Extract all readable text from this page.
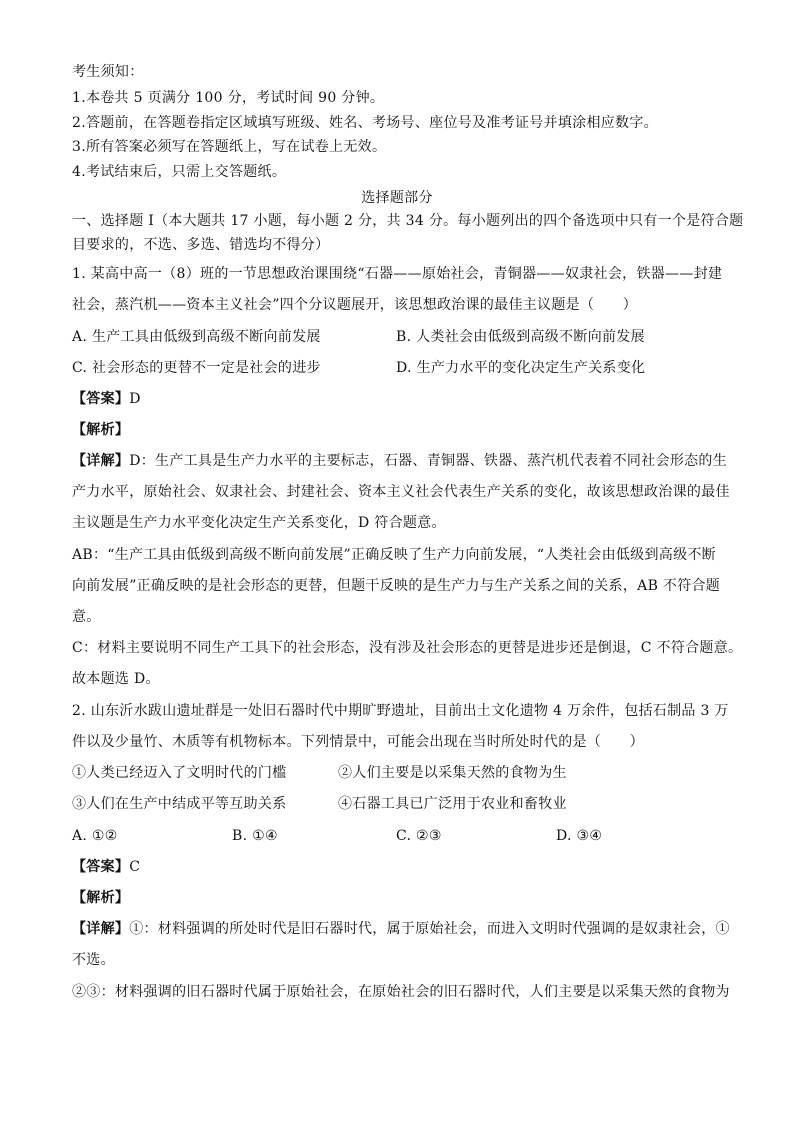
考生须知：
1.本卷共 5 页满分 100 分，考试时间 90 分钟。
2.答题前，在答题卷指定区域填写班级、姓名、考场号、座位号及准考证号并填涂相应数字。
3.所有答案必须写在答题纸上，写在试卷上无效。
4.考试结束后，只需上交答题纸。
选择题部分
一、选择题 I（本大题共 17 小题，每小题 2 分，共 34 分。每小题列出的四个备选项中只有一个是符合题
目要求的，不选、多选、错选均不得分）
1. 某高中高一（8）班的一节思想政治课围绕“石器——原始社会，青铜器——奴隶社会，铁器——封建
社会，蒸汽机——资本主义社会”四个分议题展开，该思想政治课的最佳主议题是（      ）
A. 生产工具由低级到高级不断向前发展	B. 人类社会由低级到高级不断向前发展
C. 社会形态的更替不一定是社会的进步	D. 生产力水平的变化决定生产关系变化
【答案】D
【解析】
【详解】D：生产工具是生产力水平的主要标志，石器、青铜器、铁器、蒸汽机代表着不同社会形态的生
产力水平，原始社会、奴隶社会、封建社会、资本主义社会代表生产关系的变化，故该思想政治课的最佳
主议题是生产力水平变化决定生产关系变化，D 符合题意。
AB：“生产工具由低级到高级不断向前发展”正确反映了生产力向前发展，“人类社会由低级到高级不断
向前发展”正确反映的是社会形态的更替，但题干反映的是生产力与生产关系之间的关系，AB 不符合题
意。
C：材料主要说明不同生产工具下的社会形态，没有涉及社会形态的更替是进步还是倒退，C 不符合题意。
故本题选 D。
2. 山东沂水跋山遗址群是一处旧石器时代中期旷野遗址，目前出土文化遗物 4 万余件，包括石制品 3 万
件以及少量竹、木质等有机物标本。下列情景中，可能会出现在当时所处时代的是（      ）
①人类已经迈入了文明时代的门槛	②人们主要是以采集天然的食物为生
③人们在生产中结成平等互助关系	④石器工具已广泛用于农业和畜牧业
A. ①②	B. ①④	C. ②③	D. ③④
【答案】C
【解析】
【详解】①：材料强调的所处时代是旧石器时代，属于原始社会，而进入文明时代强调的是奴隶社会，①
不选。
②③：材料强调的旧石器时代属于原始社会，在原始社会的旧石器时代，人们主要是以采集天然的食物为
